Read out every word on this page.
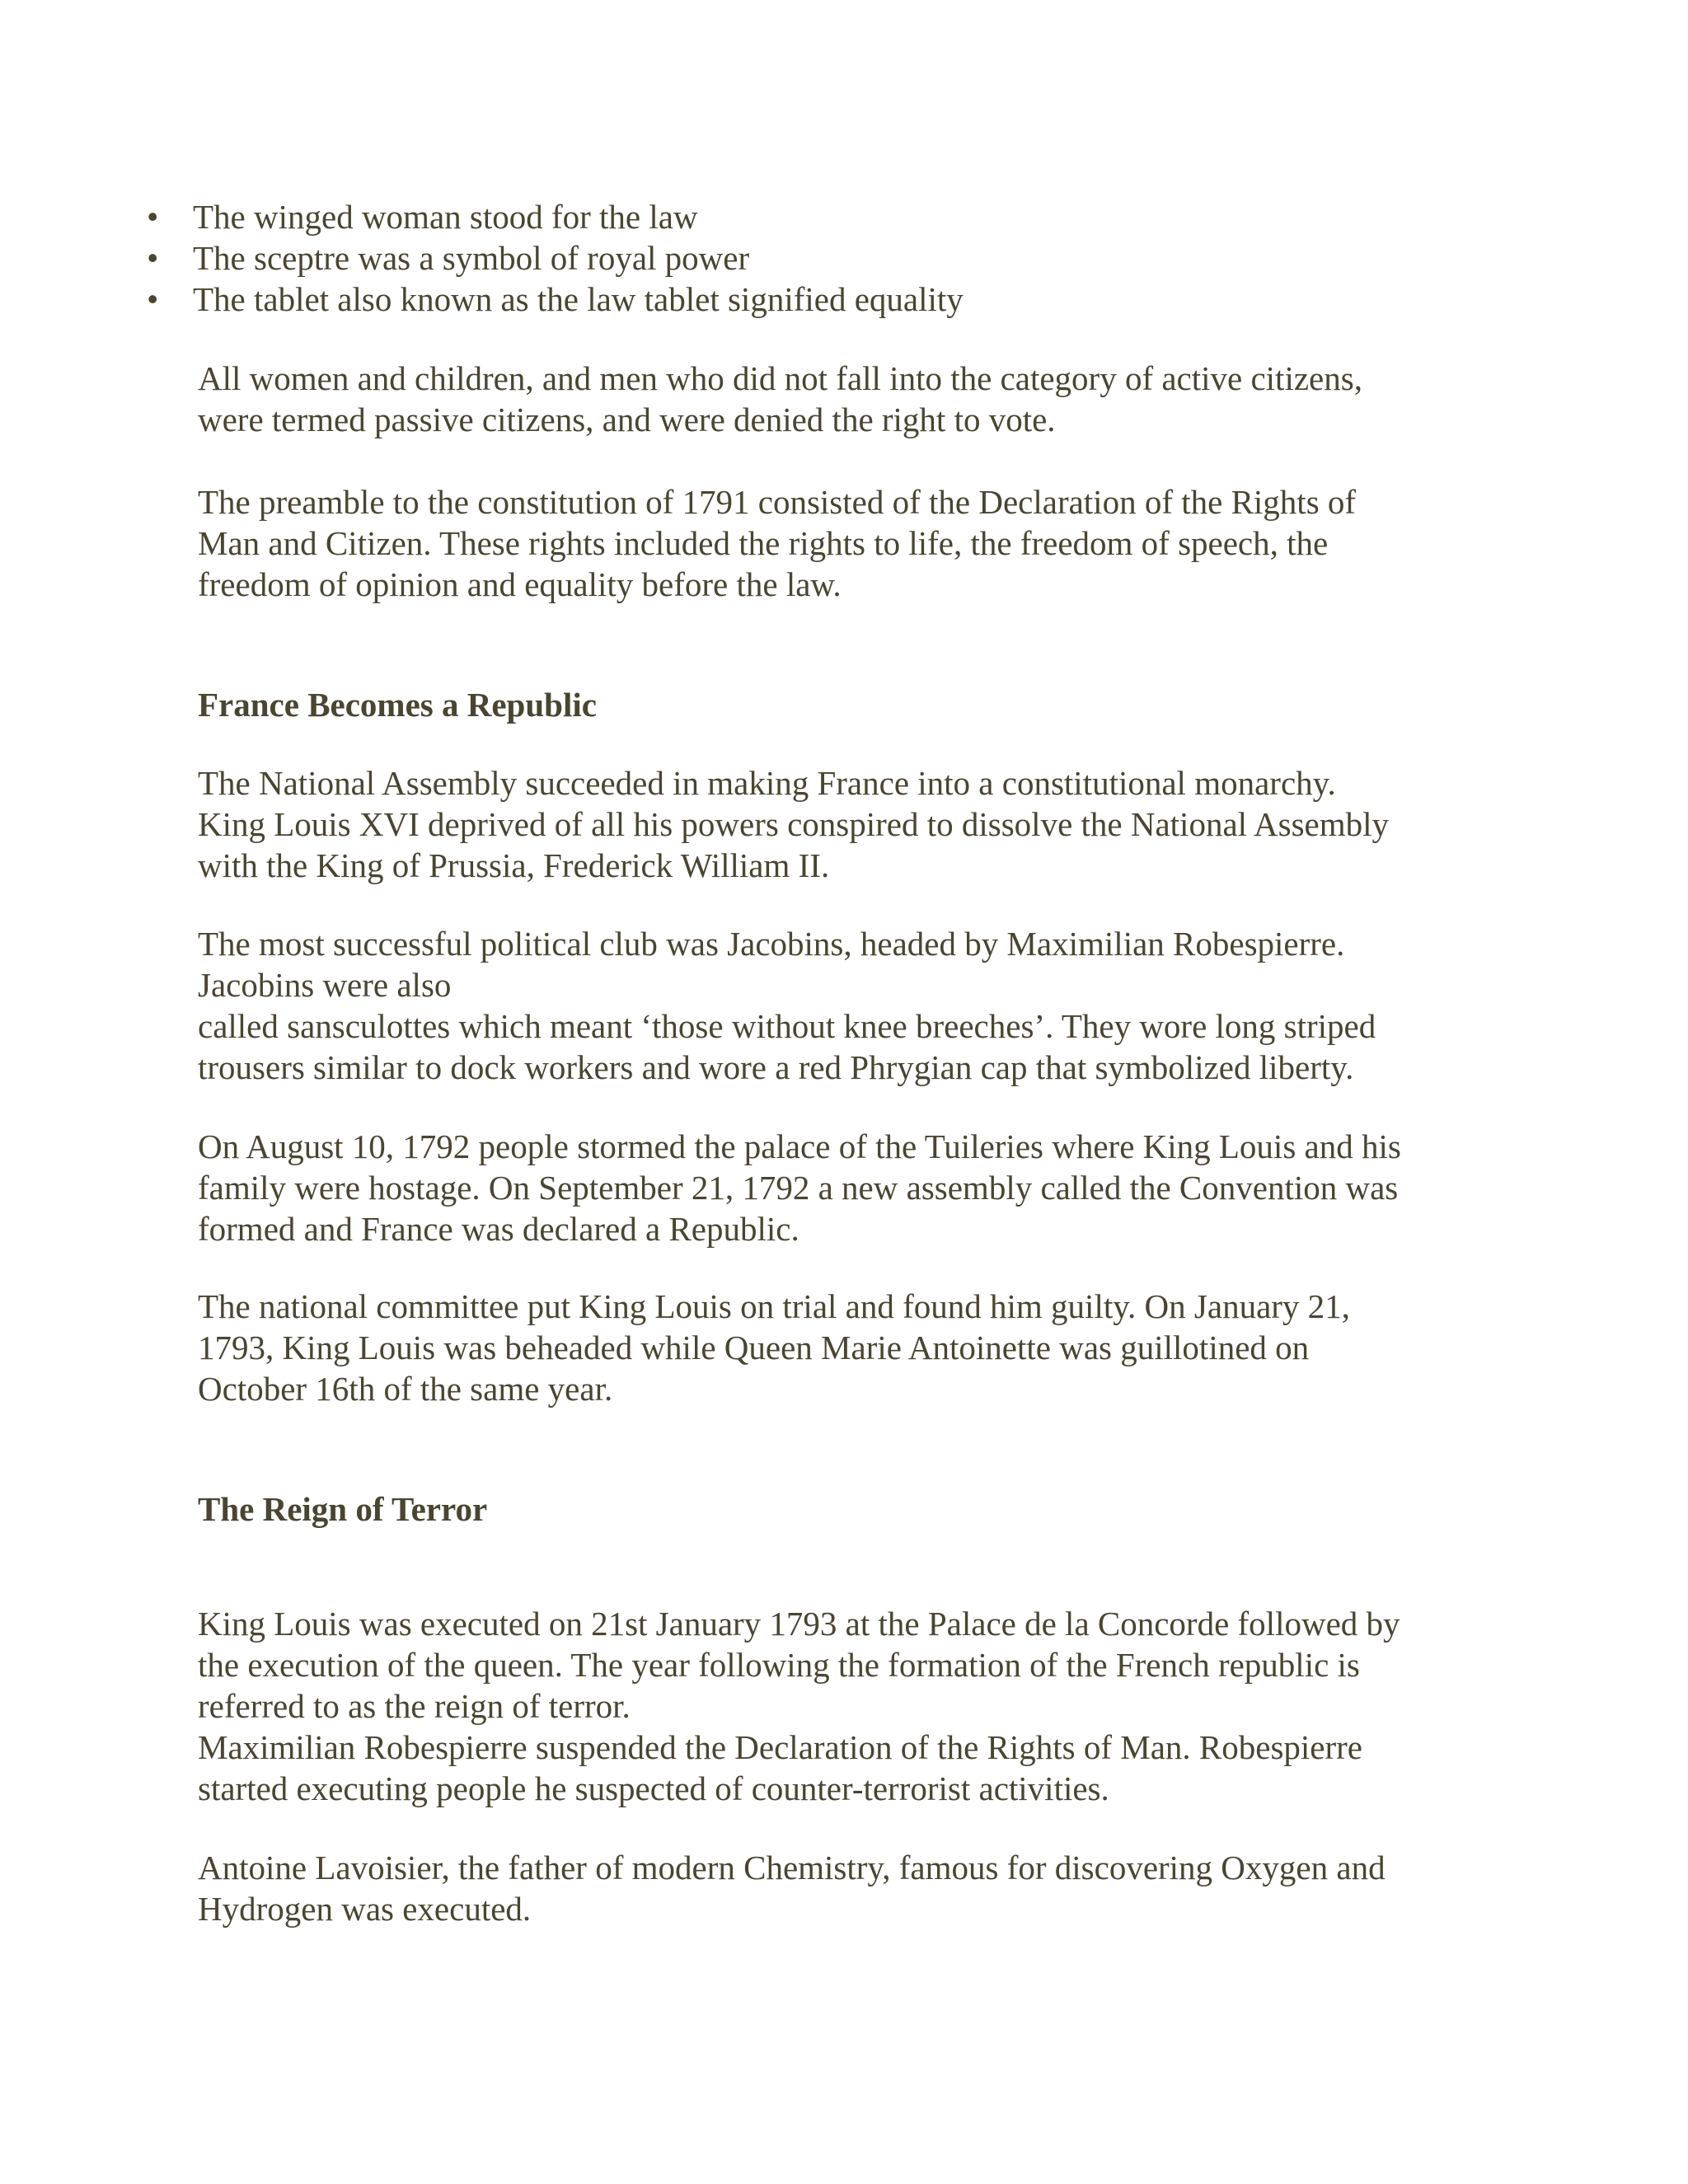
• The winged woman stood for the law
• The sceptre was a symbol of royal power
• The tablet also known as the law tablet signified equality

All women and children, and men who did not fall into the category of active citizens,

were termed passive citizens, and were denied the right to vote.

The preamble to the constitution of 1791 consisted of the Declaration of the Rights of

Man and Citizen. These rights included the rights to life, the freedom of speech, the

freedom of opinion and equality before the law.

France Becomes a Republic

The National Assembly succeeded in making France into a constitutional monarchy.

King Louis XVI deprived of all his powers conspired to dissolve the National Assembly

with the King of Prussia, Frederick William II.

The most successful political club was Jacobins, headed by Maximilian Robespierre.

Jacobins were also

called sansculottes which meant ‘those without knee breeches’. They wore long striped

trousers similar to dock workers and wore a red Phrygian cap that symbolized liberty.

On August 10, 1792 people stormed the palace of the Tuileries where King Louis and his

family were hostage. On September 21, 1792 a new assembly called the Convention was

formed and France was declared a Republic.

The national committee put King Louis on trial and found him guilty. On January 21,

1793, King Louis was beheaded while Queen Marie Antoinette was guillotined on

October 16th of the same year.

The Reign of Terror

King Louis was executed on 21st January 1793 at the Palace de la Concorde followed by

the execution of the queen. The year following the formation of the French republic is

referred to as the reign of terror.

Maximilian Robespierre suspended the Declaration of the Rights of Man. Robespierre

started executing people he suspected of counter-terrorist activities.

Antoine Lavoisier, the father of modern Chemistry, famous for discovering Oxygen and

Hydrogen was executed.
